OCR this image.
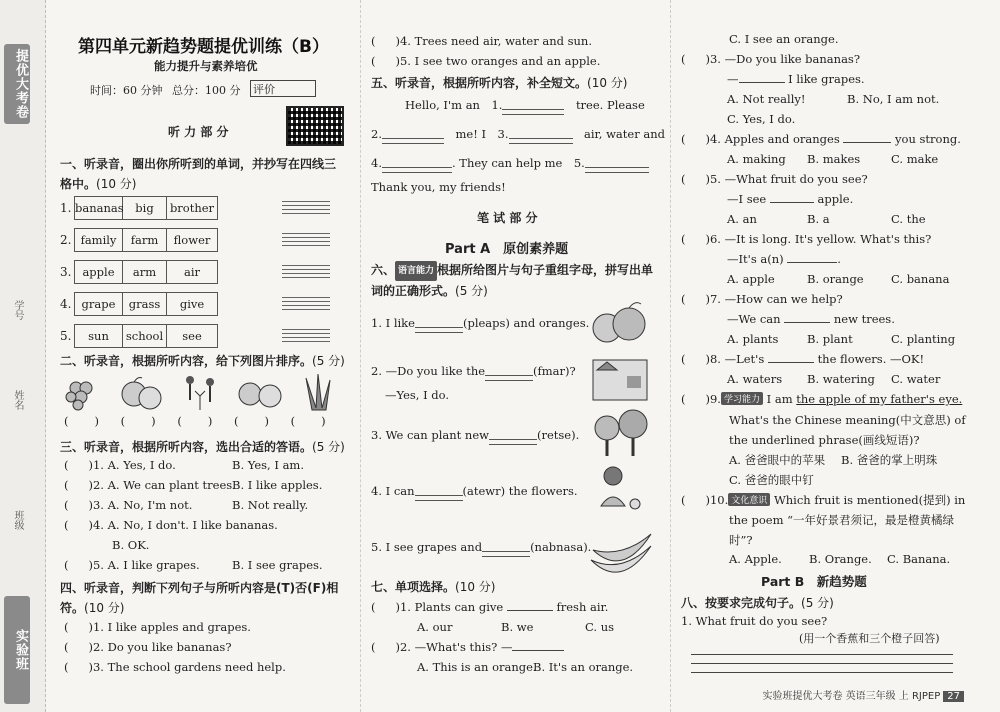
提优大考卷
学号
姓名
班级
实验班
第四单元新趋势题提优训练（B）
能力提升与素养培优
时间：60 分钟 总分：100 分 评价
听 力 部 分
一、听录音，圈出你所听到的单词，并抄写在四线三格中。(10 分)
1. bananas	big	brother
2. family	farm	flower
3. apple	arm	air
4. grape	grass	give
5.	sun	school	see
二、听录音，根据所听内容，给下列图片排序。(5 分)
( ) ( ) ( ) ( ) ( )
三、听录音，根据所听内容，选出合适的答语。(5 分)
( )1. A. Yes, I do.	B. Yes, I am.
( )2. A. We can plant trees.
B. I like apples.
( )3. A. No, I'm not.	B. Not really.
( )4. A. No, I don't. I like bananas.
B. OK.
( )5. A. I like grapes.	B. I see grapes.
四、听录音，判断下列句子与所听内容是(T)否(F)相符。(10 分)
( )1. I like apples and grapes.
( )2. Do you like bananas?
( )3. The school gardens need help.
( )4. Trees need air, water and sun.
( )5. I see two oranges and an apple.
五、听录音，根据所听内容，补全短文。(10 分)
Hello, I'm an　 1.
　	tree. Please
2.
　	me! I　 3.
　	air, water and
4.	. They can help me　 5.
Thank you, my friends!
笔 试 部 分
Part A　原创素养题
六、 语言能力 根据所给图片与句子重组字母，拼写出单词的正确形式。(5 分)
1. I like	(pleaps) and oranges.
2. —Do you like the	(fmar)?
—Yes, I do.
3. We can plant new	(retse).
4. I can	(atewr) the flowers.
5. I see grapes and	(nabnasa).
七、单项选择。(10 分)
( )1. Plants can give	fresh air.
A. our	B. we	C. us
( )2. —What's this? —
A. This is an orange.
B. It's an orange.
C. I see an orange.
( )3. —Do you like bananas?
—	I like grapes.
A. Not really!	B. No, I am not.
C. Yes, I do.
( )4. Apples and oranges	you strong.
A. making B. makes	C. make
( )5. —What fruit do you see?
—I see	apple.
A. an	B. a	C. the
( )6. —It is long. It's yellow. What's this?
—It's a(n)	.
A. apple	B. orange C. banana
( )7. —How can we help?
—We can	new trees.
A. plants B. plant	C. planting
( )8. —Let's	the flowers. —OK!
A. waters B. watering C. water
( )9. 学习能力 I am the apple of my father's eye.
What's the Chinese meaning(中文意思) of
the underlined phrase(画线短语)?
A. 爸爸眼中的苹果 B. 爸爸的掌上明珠
C. 爸爸的眼中钉
( )10. 文化意识 Which fruit is mentioned(提到) in
the poem “一年好景君须记，最是橙黄橘绿
时”?
A. Apple. B. Orange. C. Banana.
Part B　新趋势题
八、按要求完成句子。(5 分)
1. What fruit do you see?
(用一个香蕉和三个橙子回答)
实验班提优大考卷 英语三年级 上 RJPEP 27
